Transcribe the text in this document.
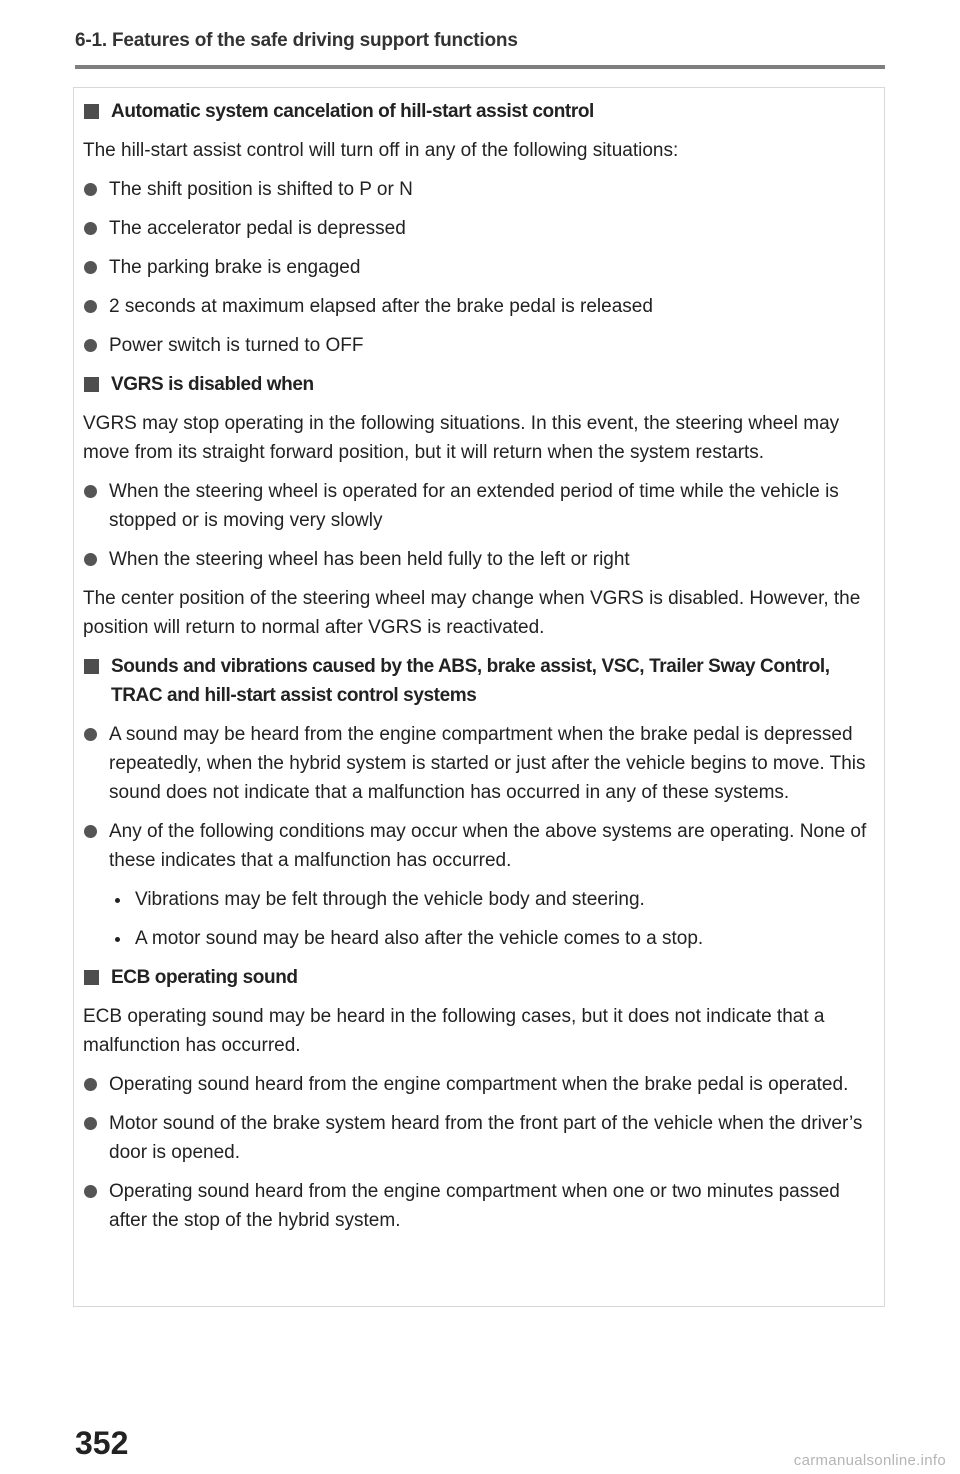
6-1. Features of the safe driving support functions
Automatic system cancelation of hill-start assist control
The hill-start assist control will turn off in any of the following situations:
The shift position is shifted to P or N
The accelerator pedal is depressed
The parking brake is engaged
2 seconds at maximum elapsed after the brake pedal is released
Power switch is turned to OFF
VGRS is disabled when
VGRS may stop operating in the following situations. In this event, the steering wheel may move from its straight forward position, but it will return when the system restarts.
When the steering wheel is operated for an extended period of time while the vehicle is stopped or is moving very slowly
When the steering wheel has been held fully to the left or right
The center position of the steering wheel may change when VGRS is disabled. However, the position will return to normal after VGRS is reactivated.
Sounds and vibrations caused by the ABS, brake assist, VSC, Trailer Sway Control, TRAC and hill-start assist control systems
A sound may be heard from the engine compartment when the brake pedal is depressed repeatedly, when the hybrid system is started or just after the vehicle begins to move. This sound does not indicate that a malfunction has occurred in any of these systems.
Any of the following conditions may occur when the above systems are operating. None of these indicates that a malfunction has occurred.
Vibrations may be felt through the vehicle body and steering.
A motor sound may be heard also after the vehicle comes to a stop.
ECB operating sound
ECB operating sound may be heard in the following cases, but it does not indicate that a malfunction has occurred.
Operating sound heard from the engine compartment when the brake pedal is operated.
Motor sound of the brake system heard from the front part of the vehicle when the driver’s door is opened.
Operating sound heard from the engine compartment when one or two minutes passed after the stop of the hybrid system.
352	carmanualsonline.info
